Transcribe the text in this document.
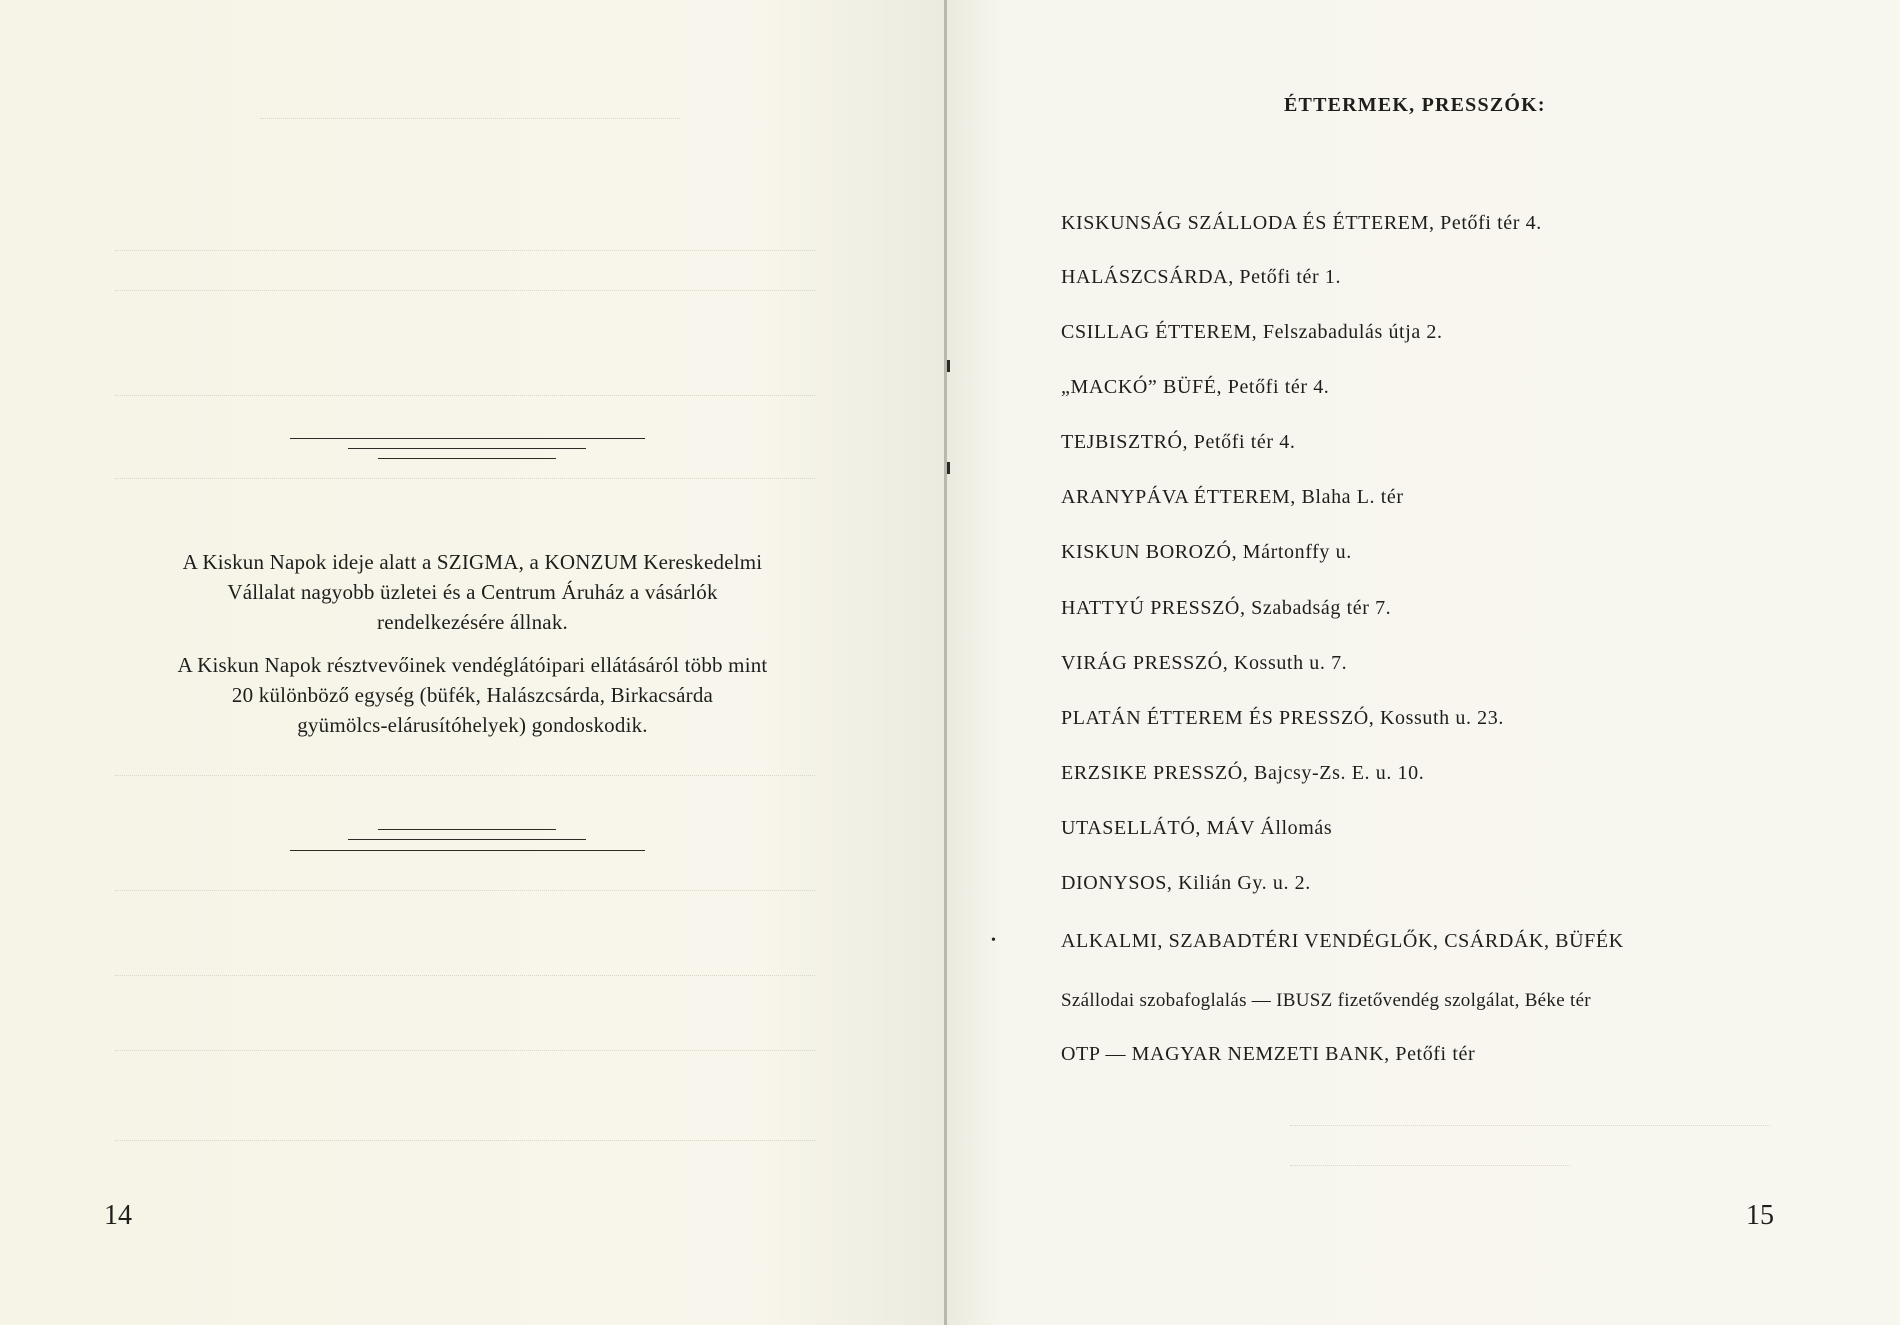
A Kiskun Napok ideje alatt a SZIGMA, a KONZUM Kereskedelmi

Vállalat nagyobb üzletei és a Centrum Áruház a vásárlók

rendelkezésére állnak.

A Kiskun Napok résztvevőinek vendéglátóipari ellátásáról több mint

20 különböző egység (büfék, Halászcsárda, Birkacsárda

gyümölcs-elárusítóhelyek) gondoskodik.

14
ÉTTERMEK, PRESSZÓK:
KISKUNSÁG SZÁLLODA ÉS ÉTTEREM, Petőfi tér 4.
HALÁSZCSÁRDA, Petőfi tér 1.
CSILLAG ÉTTEREM, Felszabadulás útja 2.
„MACKÓ” BÜFÉ, Petőfi tér 4.
TEJBISZTRÓ, Petőfi tér 4.
ARANYPÁVA ÉTTEREM, Blaha L. tér
KISKUN BOROZÓ, Mártonffy u.
HATTYÚ PRESSZÓ, Szabadság tér 7.
VIRÁG PRESSZÓ, Kossuth u. 7.
PLATÁN ÉTTEREM ÉS PRESSZÓ, Kossuth u. 23.
ERZSIKE PRESSZÓ, Bajcsy-Zs. E. u. 10.
UTASELLÁTÓ, MÁV Állomás
DIONYSOS, Kilián Gy. u. 2.
•	ALKALMI, SZABADTÉRI VENDÉGLŐK, CSÁRDÁK, BÜFÉK
Szállodai szobafoglalás — IBUSZ fizetővendég szolgálat, Béke tér
OTP — MAGYAR NEMZETI BANK, Petőfi tér
15
